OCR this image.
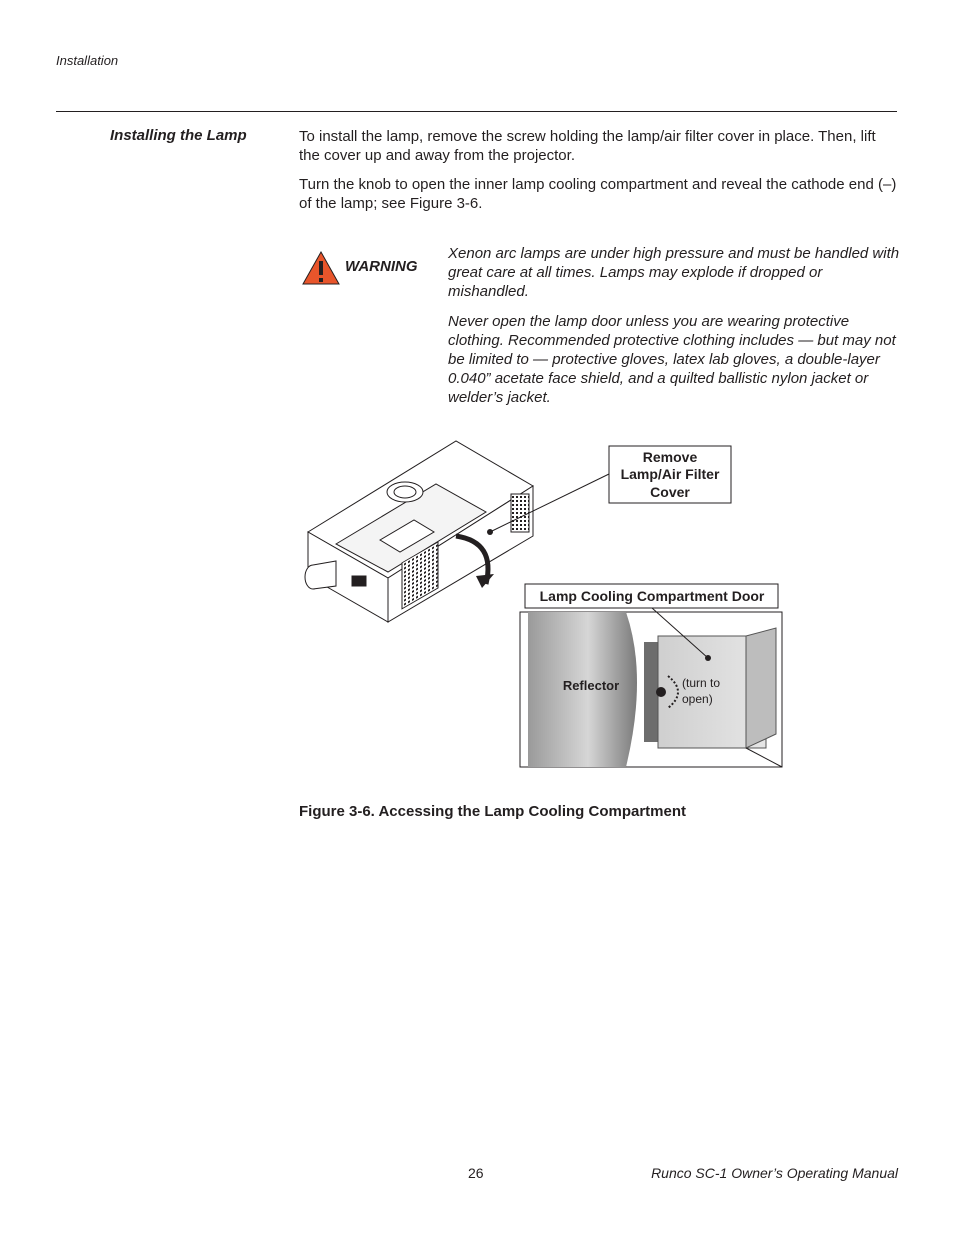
Installation
Installing the Lamp	To install the lamp, remove the screw holding the lamp/air filter cover in place. Then, lift the cover up and away from the projector.
Turn the knob to open the inner lamp cooling compartment and reveal the cathode end (–) of the lamp; see Figure 3-6.
WARNING
Xenon arc lamps are under high pressure and must be handled with great care at all times. Lamps may explode if dropped or mishandled.
Never open the lamp door unless you are wearing protective clothing. Recommended protective clothing includes — but may not be limited to — protective gloves, latex lab gloves, a double-layer 0.040” acetate face shield, and a quilted ballistic nylon jacket or welder’s jacket.
Remove
Lamp/Air Filter
Cover
Lamp Cooling Compartment Door
Reflector	(turn to
open)
Figure 3-6. Accessing the Lamp Cooling Compartment
26	Runco SC-1 Owner’s Operating Manual
